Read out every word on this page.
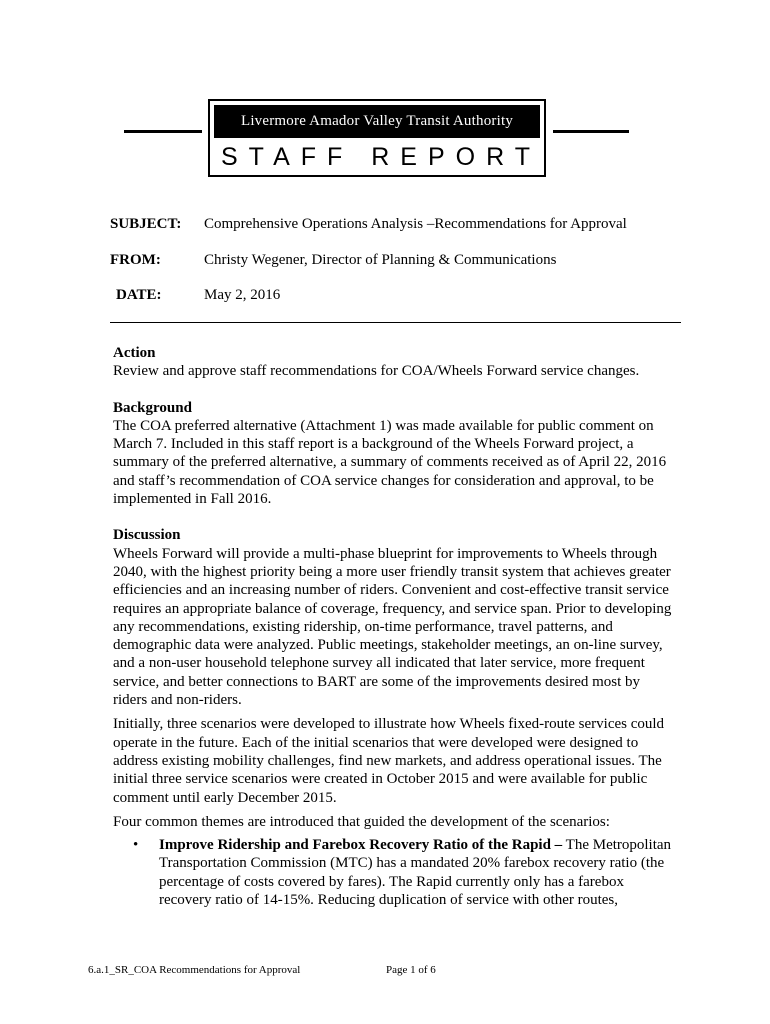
Livermore Amador Valley Transit Authority
STAFF REPORT
SUBJECT: Comprehensive Operations Analysis –Recommendations for Approval
FROM:	Christy Wegener, Director of Planning & Communications
DATE:	May 2, 2016
Action

Review and approve staff recommendations for COA/Wheels Forward service changes.

Background

The COA preferred alternative (Attachment 1) was made available for public comment on March 7. Included in this staff report is a background of the Wheels Forward project, a summary of the preferred alternative, a summary of comments received as of April 22, 2016 and staff’s recommendation of COA service changes for consideration and approval, to be implemented in Fall 2016.

Discussion

Wheels Forward will provide a multi-phase blueprint for improvements to Wheels through 2040, with the highest priority being a more user friendly transit system that achieves greater efficiencies and an increasing number of riders. Convenient and cost-effective transit service requires an appropriate balance of coverage, frequency, and service span. Prior to developing any recommendations, existing ridership, on-time performance, travel patterns, and demographic data were analyzed. Public meetings, stakeholder meetings, an on-line survey, and a non-user household telephone survey all indicated that later service, more frequent service, and better connections to BART are some of the improvements desired most by riders and non-riders.

Initially, three scenarios were developed to illustrate how Wheels fixed-route services could operate in the future. Each of the initial scenarios that were developed were designed to address existing mobility challenges, find new markets, and address operational issues. The initial three service scenarios were created in October 2015 and were available for public comment until early December 2015.

Four common themes are introduced that guided the development of the scenarios:

•	Improve Ridership and Farebox Recovery Ratio of the Rapid – The Metropolitan Transportation Commission (MTC) has a mandated 20% farebox recovery ratio (the percentage of costs covered by fares). The Rapid currently only has a farebox recovery ratio of 14-15%. Reducing duplication of service with other routes,
6.a.1_SR_COA Recommendations for Approval	Page 1 of 6
